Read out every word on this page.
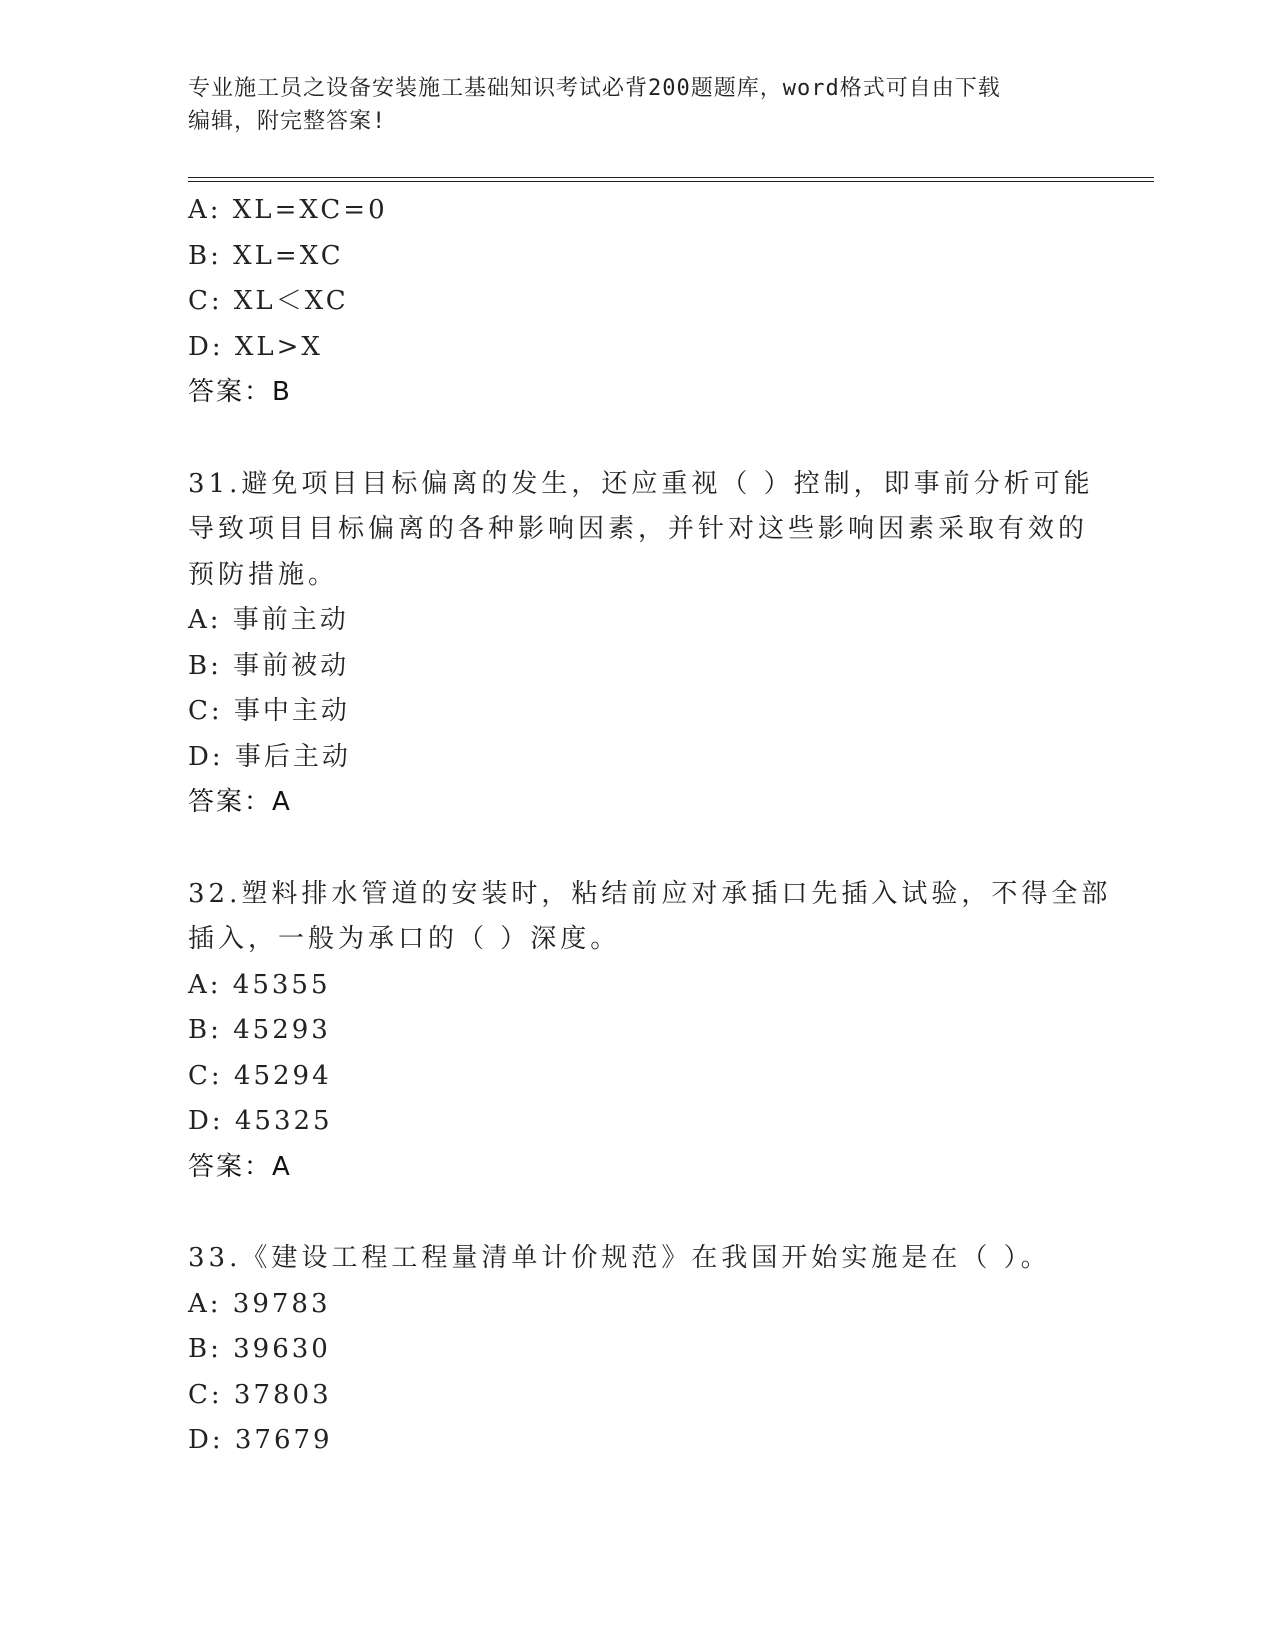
专业施工员之设备安装施工基础知识考试必背200题题库，word格式可自由下载
编辑，附完整答案!
A: XL=XC=0
B: XL=XC
C: XL＜XC
D: XL>X
答案：B
31.避免项目目标偏离的发生，还应重视（ ）控制，即事前分析可能
导致项目目标偏离的各种影响因素，并针对这些影响因素采取有效的
预防措施。
A: 事前主动
B: 事前被动
C: 事中主动
D: 事后主动
答案：A
32.塑料排水管道的安装时，粘结前应对承插口先插入试验，不得全部
插入，一般为承口的（ ）深度。
A: 45355
B: 45293
C: 45294
D: 45325
答案：A
33.《建设工程工程量清单计价规范》在我国开始实施是在（ ）。
A: 39783
B: 39630
C: 37803
D: 37679
